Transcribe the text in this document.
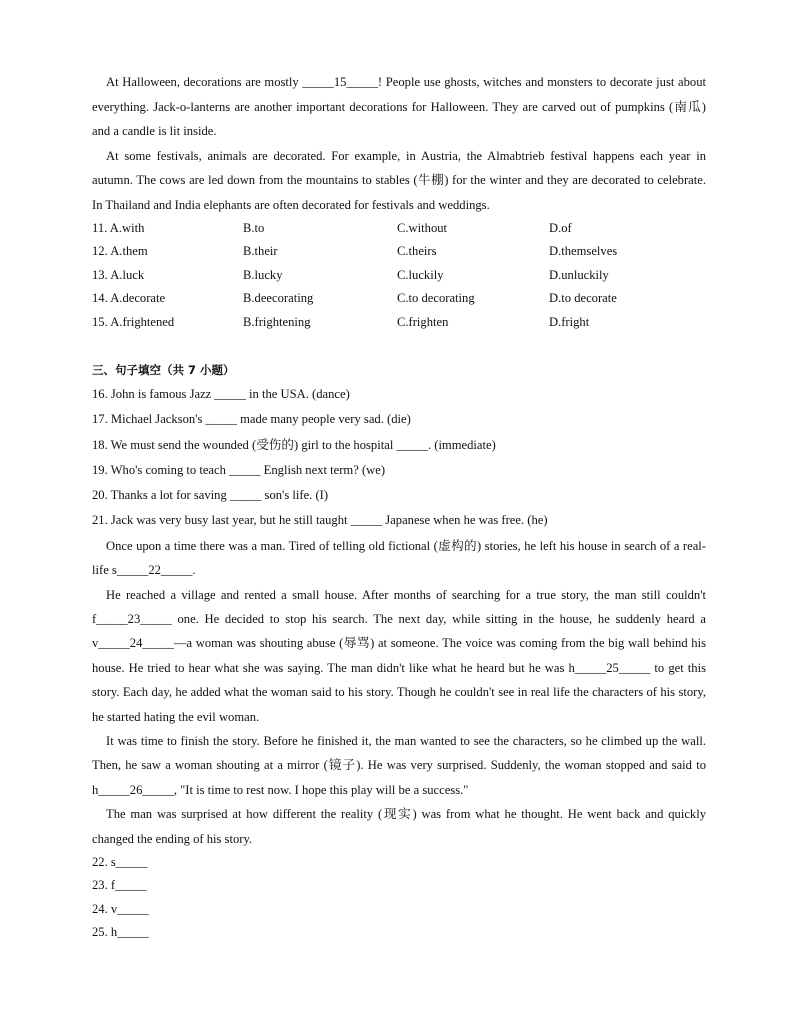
At Halloween, decorations are mostly _____15_____! People use ghosts, witches and monsters to decorate just about everything. Jack-o-lanterns are another important decorations for Halloween. They are carved out of pumpkins (南瓜) and a candle is lit inside.

At some festivals, animals are decorated. For example, in Austria, the Almabtrieb festival happens each year in autumn. The cows are led down from the mountains to stables (牛棚) for the winter and they are decorated to celebrate. In Thailand and India elephants are often decorated for festivals and weddings.

11. A.with	B.to	C.without	D.of
12. A.them	B.their	C.theirs	D.themselves
13. A.luck	B.lucky	C.luckily	D.unluckily
14. A.decorate	B.deecorating	C.to decorating	D.to decorate
15. A.frightened	B.frightening	C.frighten	D.fright
三、句子填空（共 7 小题）
16. John is famous Jazz _____ in the USA. (dance)
17. Michael Jackson's _____ made many people very sad. (die)
18. We must send the wounded (受伤的) girl to the hospital _____. (immediate)
19. Who's coming to teach _____ English next term? (we)
20. Thanks a lot for saving _____ son's life. (I)
21. Jack was very busy last year, but he still taught _____ Japanese when he was free. (he)

Once upon a time there was a man. Tired of telling old fictional (虚构的) stories, he left his house in search of a real-life s_____22_____.

He reached a village and rented a small house. After months of searching for a true story, the man still couldn't f_____23_____ one. He decided to stop his search. The next day, while sitting in the house, he suddenly heard a v_____24_____—a woman was shouting abuse (辱骂) at someone. The voice was coming from the big wall behind his house. He tried to hear what she was saying. The man didn't like what he heard but he was h_____25_____ to get this story. Each day, he added what the woman said to his story. Though he couldn't see in real life the characters of his story, he started hating the evil woman.

It was time to finish the story. Before he finished it, the man wanted to see the characters, so he climbed up the wall. Then, he saw a woman shouting at a mirror (镜子). He was very surprised. Suddenly, the woman stopped and said to h_____26_____, "It is time to rest now. I hope this play will be a success."

The man was surprised at how different the reality (现实) was from what he thought. He went back and quickly changed the ending of his story.

22. s_____
23. f_____
24. v_____
25. h_____
